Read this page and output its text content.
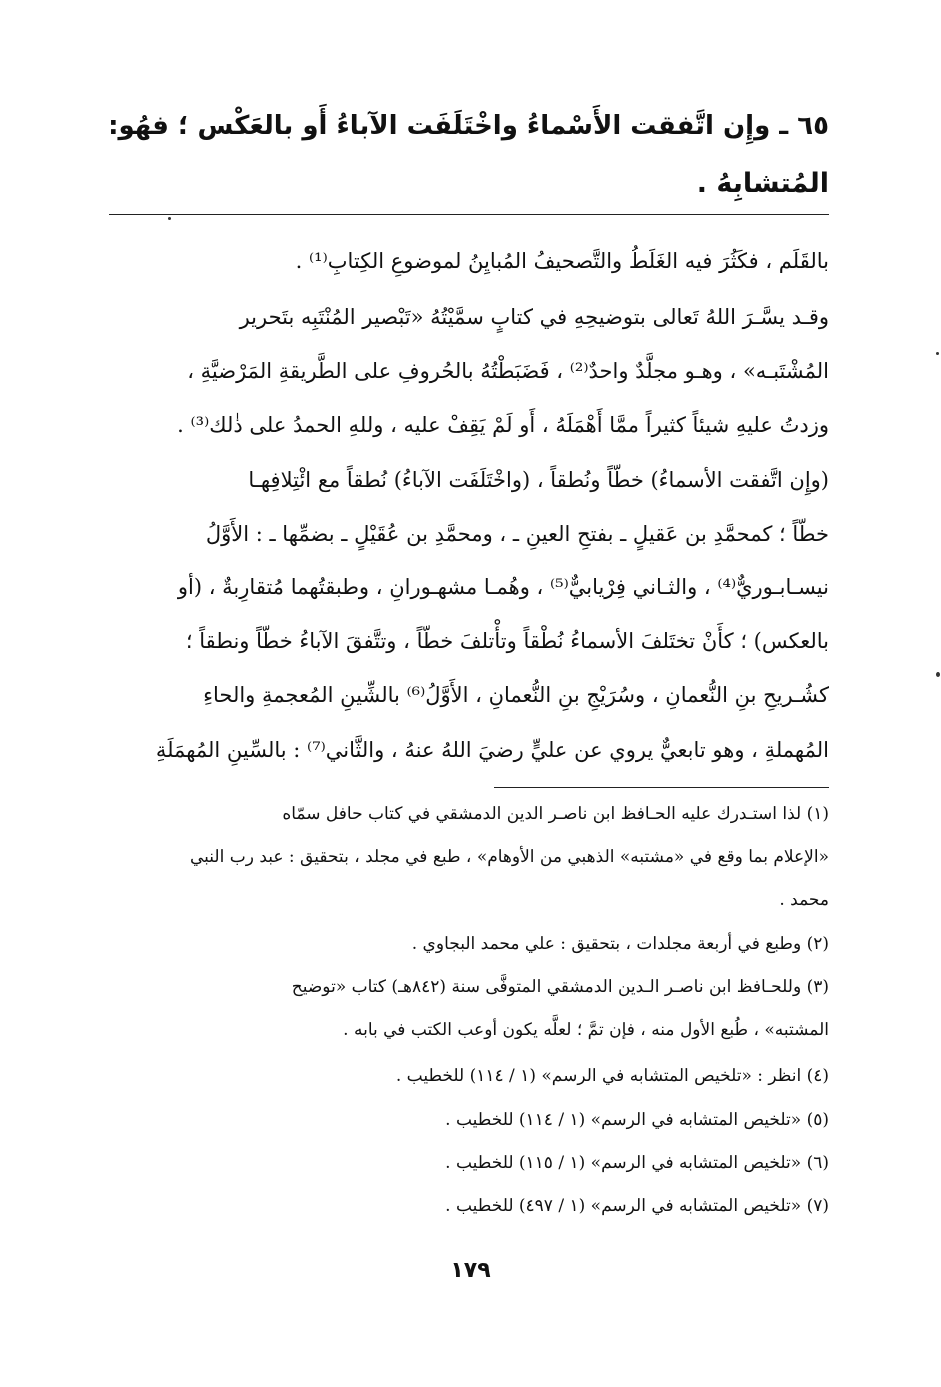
٦٥ ـ وإِن اتَّفقت الأَسْماءُ واخْتَلَفَت الآباءُ أَو بالعَكْس ؛ فهُو:
المُتشابِهُ .
بالقَلَم ، فكَثُرَ فيه الغَلَطُ والتَّصحيفُ المُبايِنُ لموضوعِ الكِتابِ⁽¹⁾ .
وقـد يسَّـرَ اللهُ تَعالى بتوضيحِهِ في كتابٍ سمَّيْتُهُ «تَبْصير المُنْتَبِه بتَحرير
المُشْتَبـه» ، وهـو مجلَّدٌ واحدٌ⁽²⁾ ، فَضَبَطْتُهُ بالحُروفِ على الطَّريقةِ المَرْضيَّةِ ،
وزدتُ عليهِ شيئاً كثيراً ممَّا أَهْمَلَهُ ، أَو لَمْ يَقِفْ عليه ، وللهِ الحمدُ على ذٰلك⁽³⁾ .
(وإِن اتَّفقت الأسماءُ) خطّاً ونُطقاً ، (واخْتَلَفَت الآباءُ) نُطقاً مع ائْتِلافِهـا
خطّاً ؛ كمحمَّدِ بن عَقيلٍ ـ بفتحِ العينِ ـ ، ومحمَّدِ بن عُقَيْلٍ ـ بضمِّها ـ : الأَوَّلُ
نيسـابـوريٌّ⁽⁴⁾ ، والثـاني فِرْيابيٌّ⁽⁵⁾ ، وهُمـا مشهـورانِ ، وطبقتُهما مُتقارِبةٌ ، (أو
بالعكس) ؛ كأَنْ تختَلفَ الأسماءُ نُطْقاً وتأْتلفَ خطّاً ، وتتَّفقَ الآباءُ خطّاً ونطقاً ؛
كشُـريحِ بنِ النُّعمانِ ، وسُرَيْجِ بنِ النُّعمانِ ، الأَوَّلُ⁽⁶⁾ بالشِّينِ المُعجمةِ والحاءِ
المُهملةِ ، وهو تابعيٌّ يروي عن عليٍّ رضيَ اللهُ عنهُ ، والثَّاني⁽⁷⁾ : بالسِّينِ المُهمَلَةِ
(١) لذا استـدرك عليه الحـافظ ابن ناصـر الدين الدمشقي في كتاب حافل سمّاه
«الإعلام بما وقع في «مشتبه» الذهبي من الأوهام» ، طبع في مجلد ، بتحقيق : عبد رب النبي
محمد .
(٢) وطبع في أربعة مجلدات ، بتحقيق : علي محمد البجاوي .
(٣) وللحـافظ ابن ناصـر الـدين الدمشقي المتوفَّى سنة (٨٤٢هـ) كتاب «توضيح
المشتبه» ، طُبع الأول منه ، فإن تمَّ ؛ لعلَّه يكون أوعب الكتب في بابه .
(٤) انظر : «تلخيص المتشابه في الرسم» (١ / ١١٤) للخطيب .
(٥) «تلخيص المتشابه في الرسم» (١ / ١١٤) للخطيب .
(٦) «تلخيص المتشابه في الرسم» (١ / ١١٥) للخطيب .
(٧) «تلخيص المتشابه في الرسم» (١ / ٤٩٧) للخطيب .
١٧٩
